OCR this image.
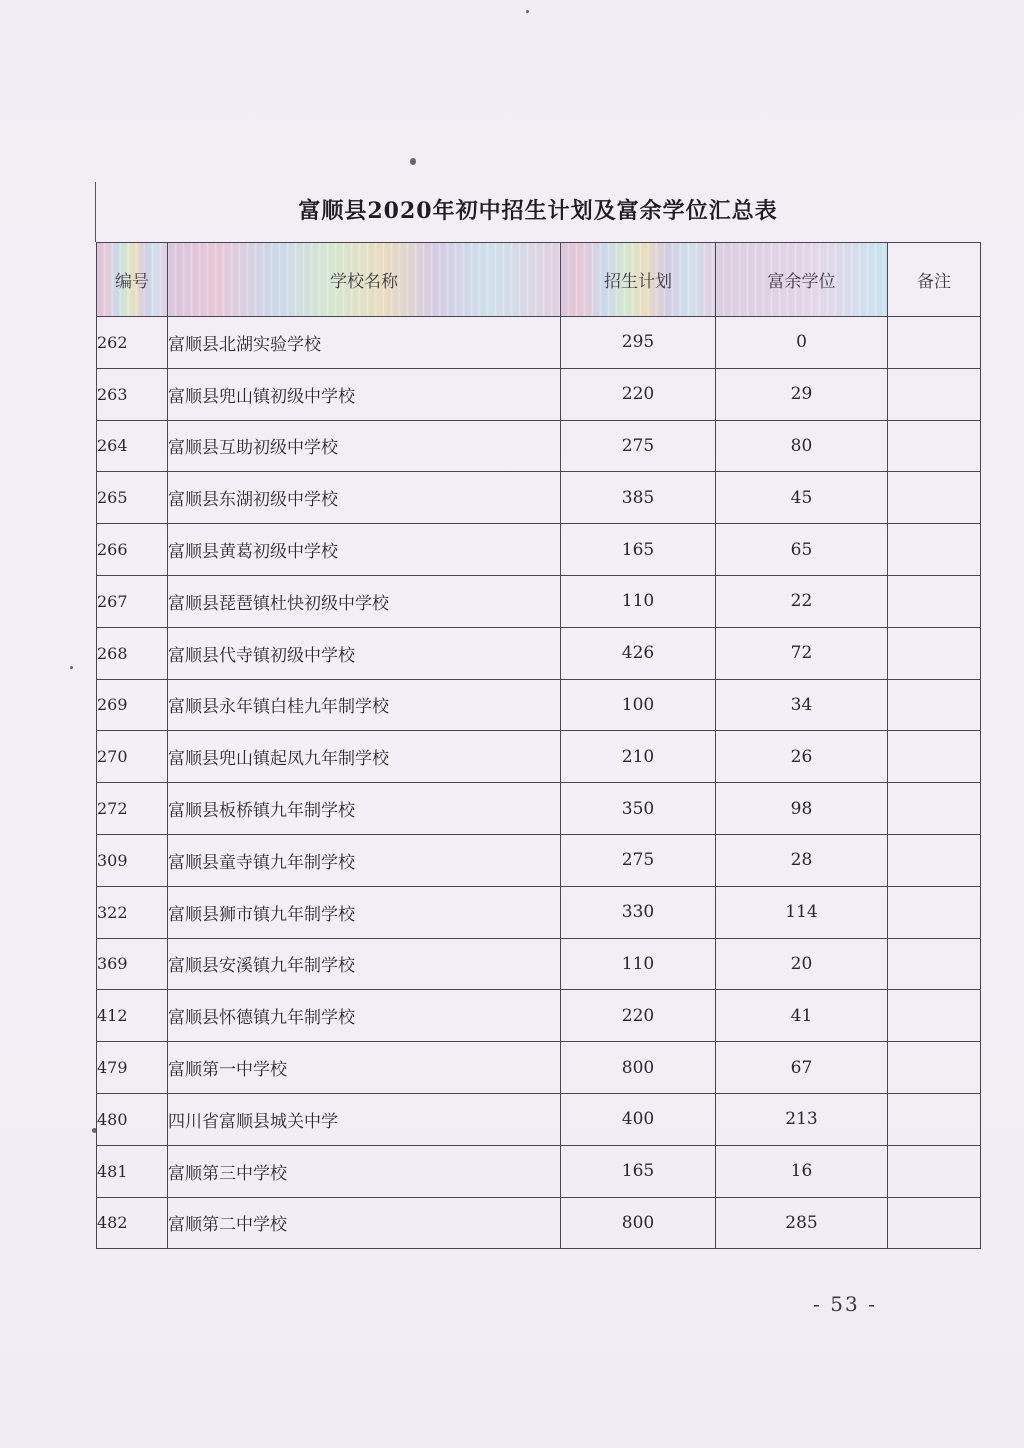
富顺县2020年初中招生计划及富余学位汇总表
编号	学校名称	招生计划	富余学位	备注
262	富顺县北湖实验学校	295	0	
263	富顺县兜山镇初级中学校	220	29	
264	富顺县互助初级中学校	275	80	
265	富顺县东湖初级中学校	385	45	
266	富顺县黄葛初级中学校	165	65	
267	富顺县琵琶镇杜快初级中学校	110	22	
268	富顺县代寺镇初级中学校	426	72	
269	富顺县永年镇白桂九年制学校	100	34	
270	富顺县兜山镇起凤九年制学校	210	26	
272	富顺县板桥镇九年制学校	350	98	
309	富顺县童寺镇九年制学校	275	28	
322	富顺县狮市镇九年制学校	330	114	
369	富顺县安溪镇九年制学校	110	20	
412	富顺县怀德镇九年制学校	220	41	
479	富顺第一中学校	800	67	
480	四川省富顺县城关中学	400	213	
481	富顺第三中学校	165	16	
482	富顺第二中学校	800	285	
- 53 -
